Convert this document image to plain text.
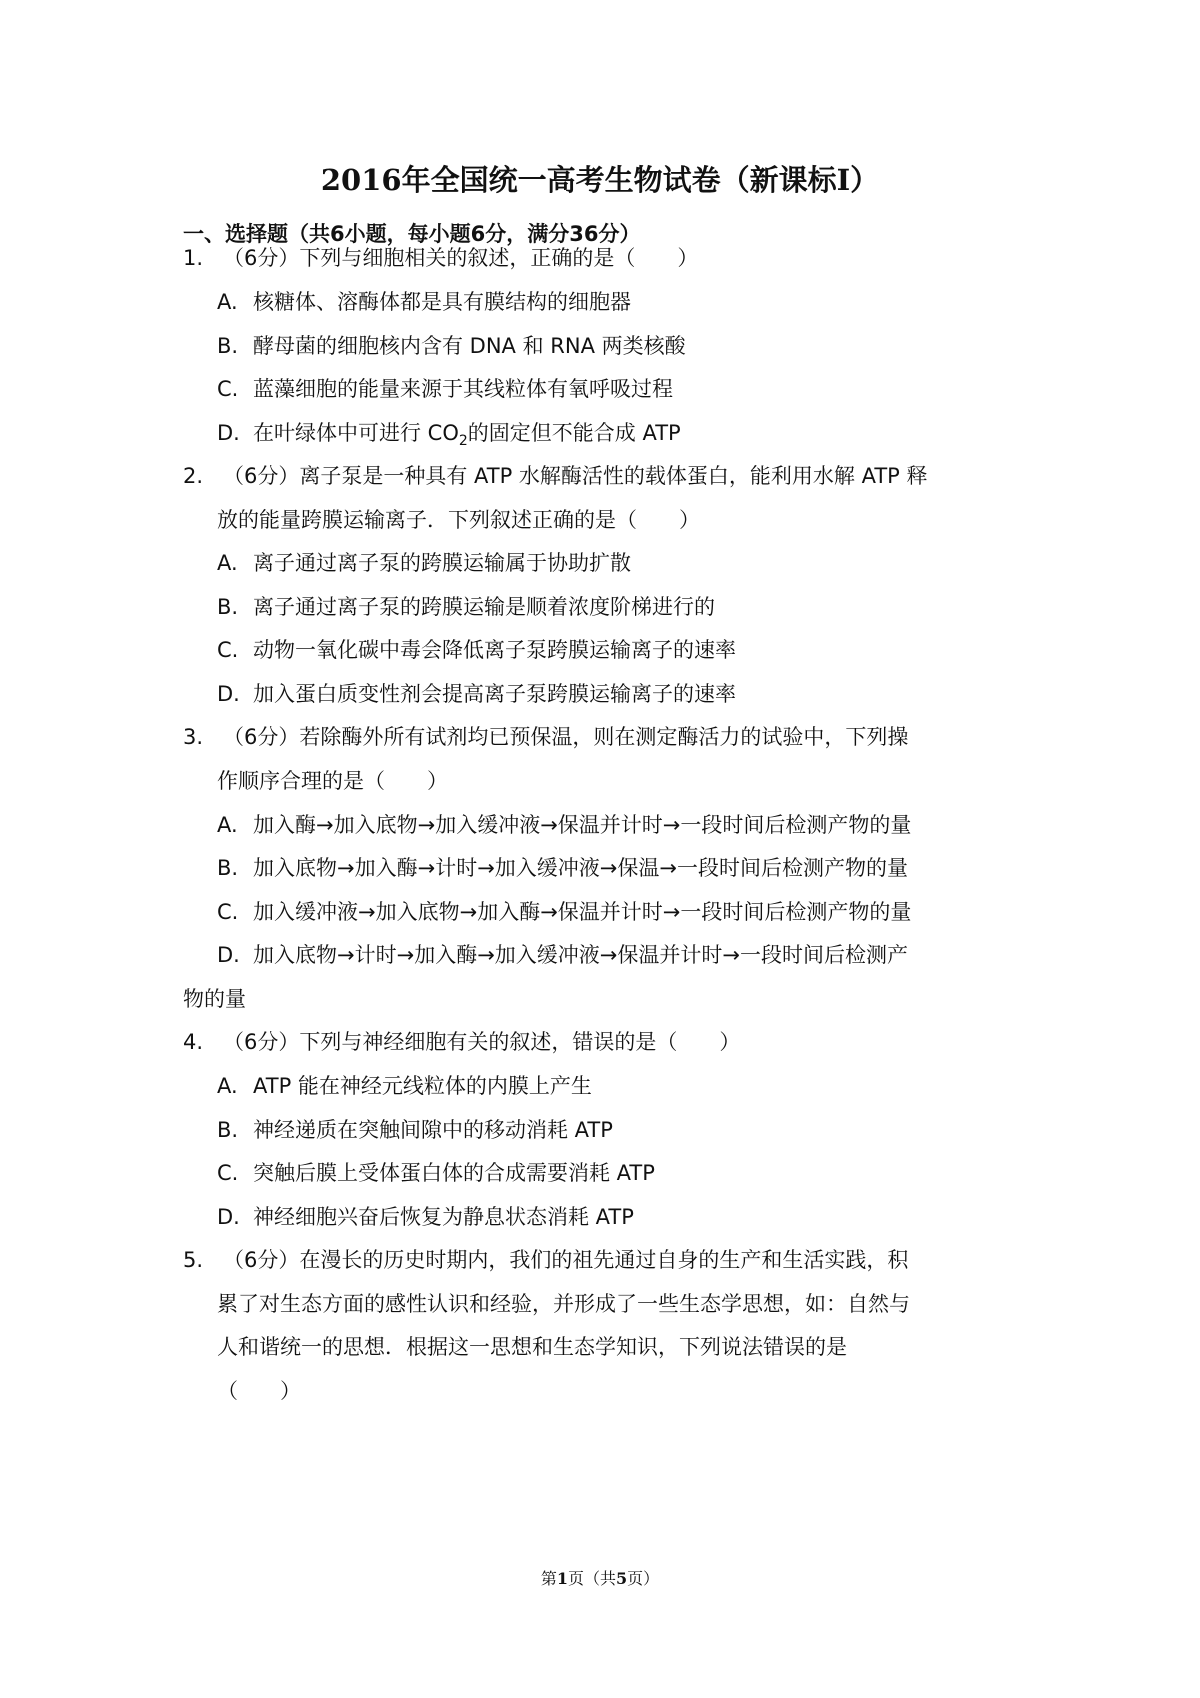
2016年全国统一高考生物试卷（新课标Ⅰ）
一、选择题（共6小题，每小题6分，满分36分）
1. （6分）下列与细胞相关的叙述，正确的是（　　）
A. 核糖体、溶酶体都是具有膜结构的细胞器
B. 酵母菌的细胞核内含有 DNA 和 RNA 两类核酸
C. 蓝藻细胞的能量来源于其线粒体有氧呼吸过程
D. 在叶绿体中可进行 $CO_2$的固定但不能合成 ATP
2. （6分）离子泵是一种具有 ATP 水解酶活性的载体蛋白，能利用水解 ATP 释
放的能量跨膜运输离子．下列叙述正确的是（　　）
A. 离子通过离子泵的跨膜运输属于协助扩散
B. 离子通过离子泵的跨膜运输是顺着浓度阶梯进行的
C. 动物一氧化碳中毒会降低离子泵跨膜运输离子的速率
D. 加入蛋白质变性剂会提高离子泵跨膜运输离子的速率
3. （6分）若除酶外所有试剂均已预保温，则在测定酶活力的试验中，下列操
作顺序合理的是（　　）
A. 加入酶→加入底物→加入缓冲液→保温并计时→一段时间后检测产物的量
B. 加入底物→加入酶→计时→加入缓冲液→保温→一段时间后检测产物的量
C. 加入缓冲液→加入底物→加入酶→保温并计时→一段时间后检测产物的量
D. 加入底物→计时→加入酶→加入缓冲液→保温并计时→一段时间后检测产
物的量
4. （6分）下列与神经细胞有关的叙述，错误的是（　　）
A. ATP 能在神经元线粒体的内膜上产生
B. 神经递质在突触间隙中的移动消耗 ATP
C. 突触后膜上受体蛋白体的合成需要消耗 ATP
D. 神经细胞兴奋后恢复为静息状态消耗 ATP
5. （6分）在漫长的历史时期内，我们的祖先通过自身的生产和生活实践，积
累了对生态方面的感性认识和经验，并形成了一些生态学思想，如：自然与
人和谐统一的思想．根据这一思想和生态学知识，下列说法错误的是
（　　）
第1页（共5页）
